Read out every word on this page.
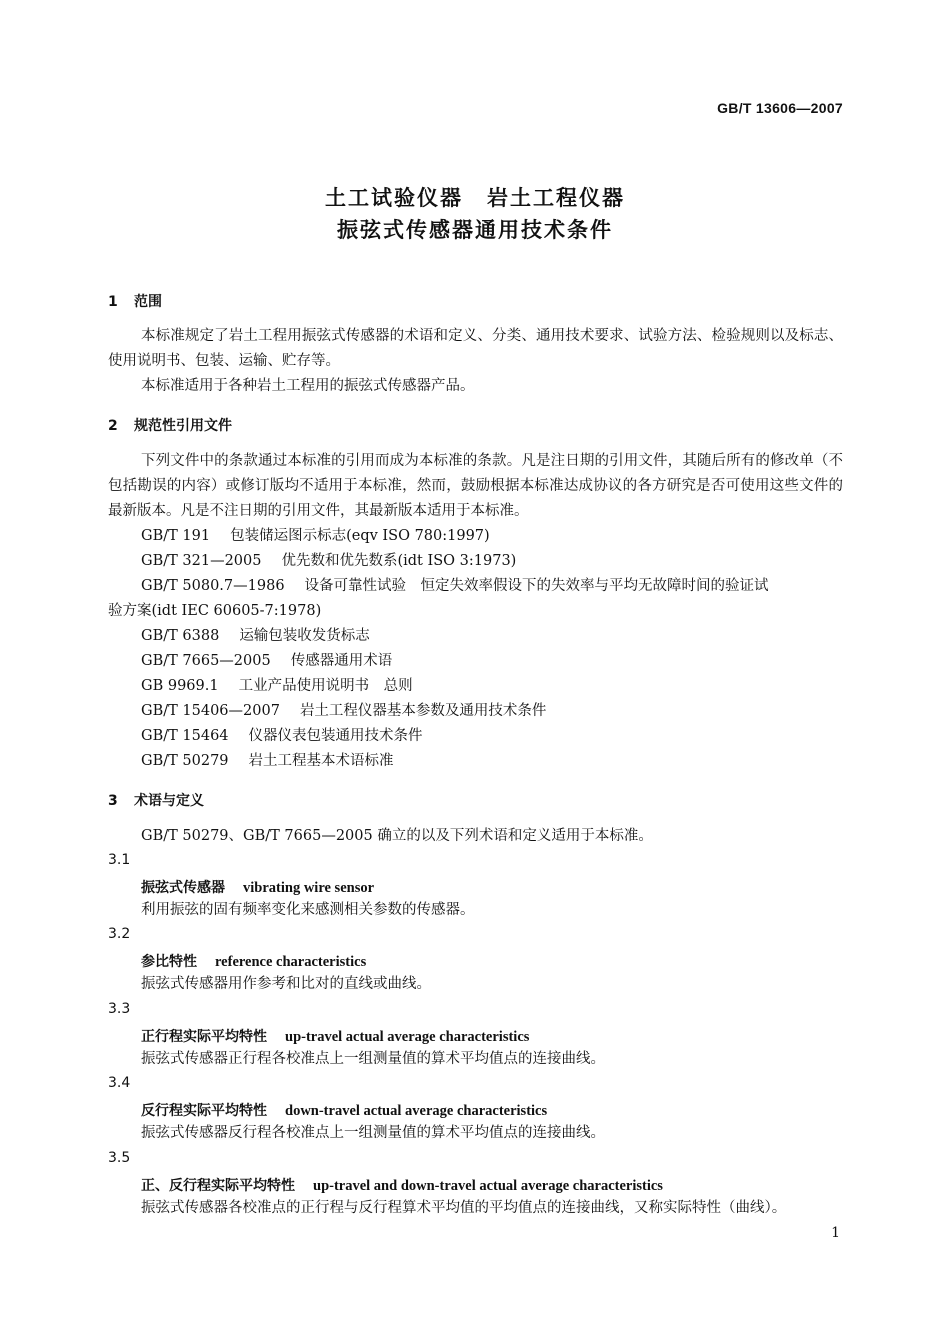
GB/T 13606—2007
土工试验仪器 岩土工程仪器
振弦式传感器通用技术条件
1 范围
本标准规定了岩土工程用振弦式传感器的术语和定义、分类、通用技术要求、试验方法、检验规则以及标志、使用说明书、包装、运输、贮存等。
本标准适用于各种岩土工程用的振弦式传感器产品。
2 规范性引用文件
下列文件中的条款通过本标准的引用而成为本标准的条款。凡是注日期的引用文件，其随后所有的修改单（不包括勘误的内容）或修订版均不适用于本标准，然而，鼓励根据本标准达成协议的各方研究是否可使用这些文件的最新版本。凡是不注日期的引用文件，其最新版本适用于本标准。
GB/T 191 包装储运图示标志(eqv ISO 780:1997)
GB/T 321—2005 优先数和优先数系(idt ISO 3:1973)
GB/T 5080.7—1986 设备可靠性试验　恒定失效率假设下的失效率与平均无故障时间的验证试
验方案(idt IEC 60605-7:1978)
GB/T 6388 运输包装收发货标志
GB/T 7665—2005 传感器通用术语
GB 9969.1 工业产品使用说明书　总则
GB/T 15406—2007 岩土工程仪器基本参数及通用技术条件
GB/T 15464 仪器仪表包装通用技术条件
GB/T 50279 岩土工程基本术语标准
3 术语与定义
GB/T 50279、GB/T 7665—2005 确立的以及下列术语和定义适用于本标准。
3.1
振弦式传感器 vibrating wire sensor
利用振弦的固有频率变化来感测相关参数的传感器。
3.2
参比特性 reference characteristics
振弦式传感器用作参考和比对的直线或曲线。
3.3
正行程实际平均特性 up-travel actual average characteristics
振弦式传感器正行程各校准点上一组测量值的算术平均值点的连接曲线。
3.4
反行程实际平均特性 down-travel actual average characteristics
振弦式传感器反行程各校准点上一组测量值的算术平均值点的连接曲线。
3.5
正、反行程实际平均特性 up-travel and down-travel actual average characteristics
振弦式传感器各校准点的正行程与反行程算术平均值的平均值点的连接曲线，又称实际特性（曲线）。
1
